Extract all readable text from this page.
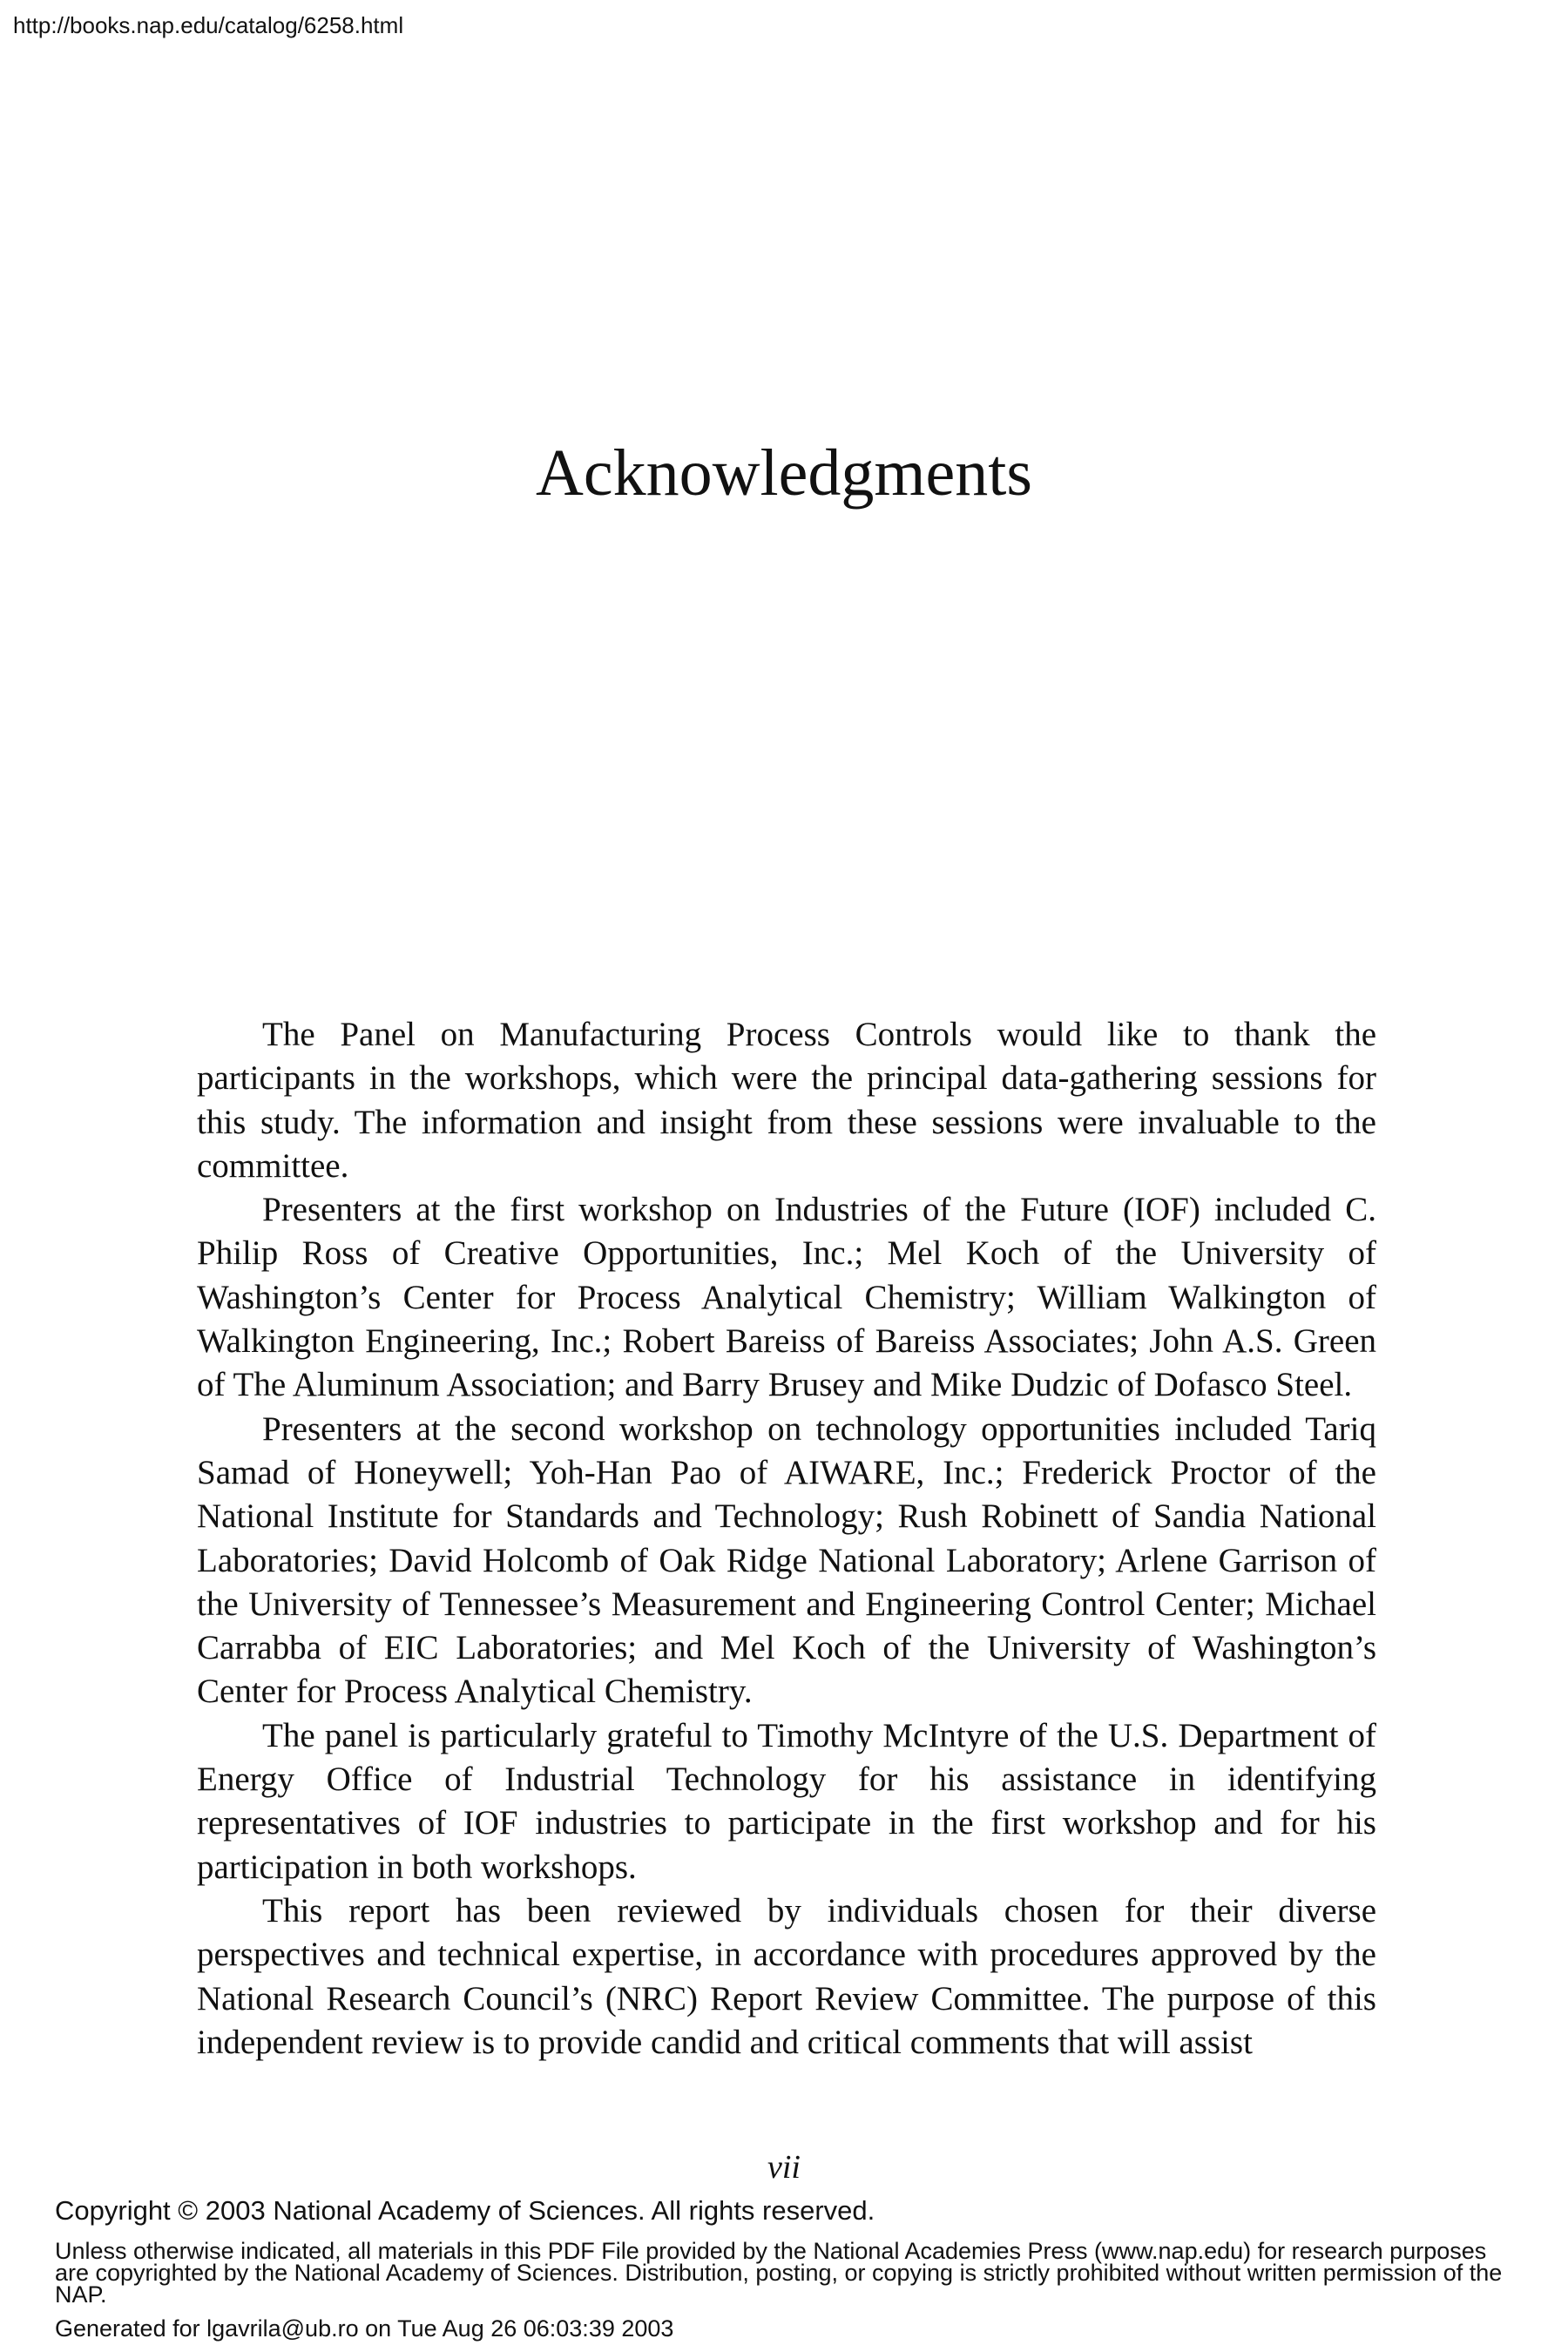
http://books.nap.edu/catalog/6258.html
Acknowledgments

The Panel on Manufacturing Process Controls would like to thank the participants in the workshops, which were the principal data-gathering sessions for this study. The information and insight from these sessions were invaluable to the committee.

Presenters at the first workshop on Industries of the Future (IOF) included C. Philip Ross of Creative Opportunities, Inc.; Mel Koch of the University of Washington’s Center for Process Analytical Chemistry; William Walkington of Walkington Engineering, Inc.; Robert Bareiss of Bareiss Associates; John A.S. Green of The Aluminum Association; and Barry Brusey and Mike Dudzic of Dofasco Steel.

Presenters at the second workshop on technology opportunities included Tariq Samad of Honeywell; Yoh-Han Pao of AIWARE, Inc.; Frederick Proctor of the National Institute for Standards and Technology; Rush Robinett of Sandia National Laboratories; David Holcomb of Oak Ridge National Laboratory; Arlene Garrison of the University of Tennessee’s Measurement and Engineering Control Center; Michael Carrabba of EIC Laboratories; and Mel Koch of the University of Washington’s Center for Process Analytical Chemistry.

The panel is particularly grateful to Timothy McIntyre of the U.S. Department of Energy Office of Industrial Technology for his assistance in identifying representatives of IOF industries to participate in the first workshop and for his participation in both workshops.

This report has been reviewed by individuals chosen for their diverse perspectives and technical expertise, in accordance with procedures approved by the National Research Council’s (NRC) Report Review Committee. The purpose of this independent review is to provide candid and critical comments that will assist

vii
Copyright © 2003 National Academy of Sciences. All rights reserved.
Unless otherwise indicated, all materials in this PDF File provided by the National Academies Press (www.nap.edu) for research purposes are copyrighted by the National Academy of Sciences. Distribution, posting, or copying is strictly prohibited without written permission of the NAP.
Generated for lgavrila@ub.ro on Tue Aug 26 06:03:39 2003
